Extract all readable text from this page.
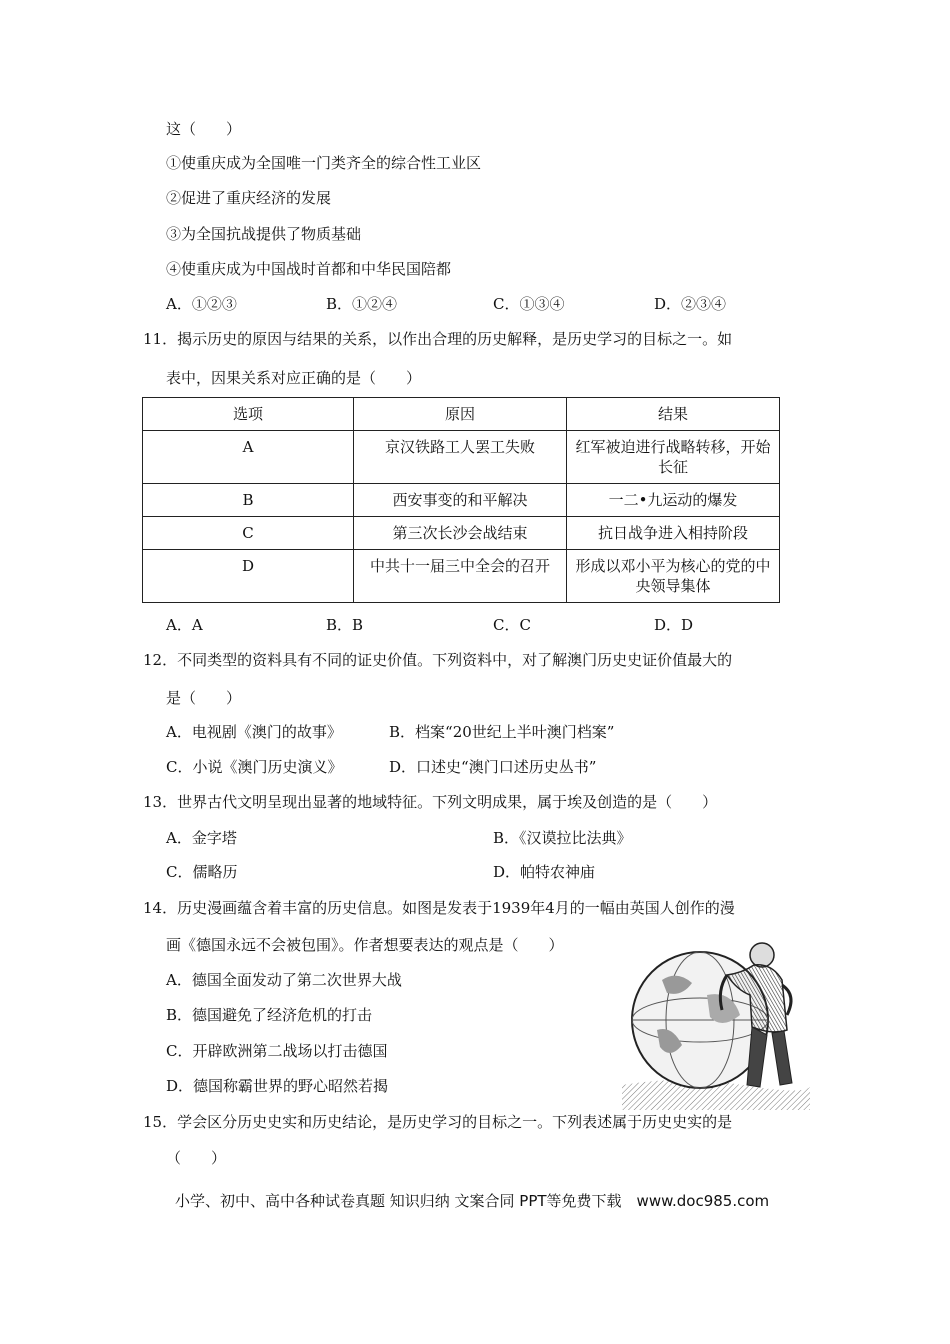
这（　　）
①使重庆成为全国唯一门类齐全的综合性工业区
②促进了重庆经济的发展
③为全国抗战提供了物质基础
④使重庆成为中国战时首都和中华民国陪都
A．①②③	B．①②④	C．①③④	D．②③④
11．揭示历史的原因与结果的关系，以作出合理的历史解释，是历史学习的目标之一。如
表中，因果关系对应正确的是（　　）
选项	原因	结果
A	京汉铁路工人罢工失败	红军被迫进行战略转移，开始长征
B	西安事变的和平解决	一二•九运动的爆发
C	第三次长沙会战结束	抗日战争进入相持阶段
D	中共十一届三中全会的召开	形成以邓小平为核心的党的中央领导集体
A．A	B．B	C．C	D．D
12．不同类型的资料具有不同的证史价值。下列资料中，对了解澳门历史史证价值最大的
是（　　）
A．电视剧《澳门的故事》	B．档案“20世纪上半叶澳门档案”
C．小说《澳门历史演义》	D．口述史“澳门口述历史丛书”
13．世界古代文明呈现出显著的地域特征。下列文明成果，属于埃及创造的是（　　）
A．金字塔	B．《汉谟拉比法典》
C．儒略历	D．帕特农神庙
14．历史漫画蕴含着丰富的历史信息。如图是发表于1939年4月的一幅由英国人创作的漫
画《德国永远不会被包围》。作者想要表达的观点是（　　）
A．德国全面发动了第二次世界大战
B．德国避免了经济危机的打击
C．开辟欧洲第二战场以打击德国
D．德国称霸世界的野心昭然若揭
15．学会区分历史史实和历史结论，是历史学习的目标之一。下列表述属于历史史实的是
（　　）
小学、初中、高中各种试卷真题 知识归纳 文案合同 PPT等免费下载　www.doc985.com
